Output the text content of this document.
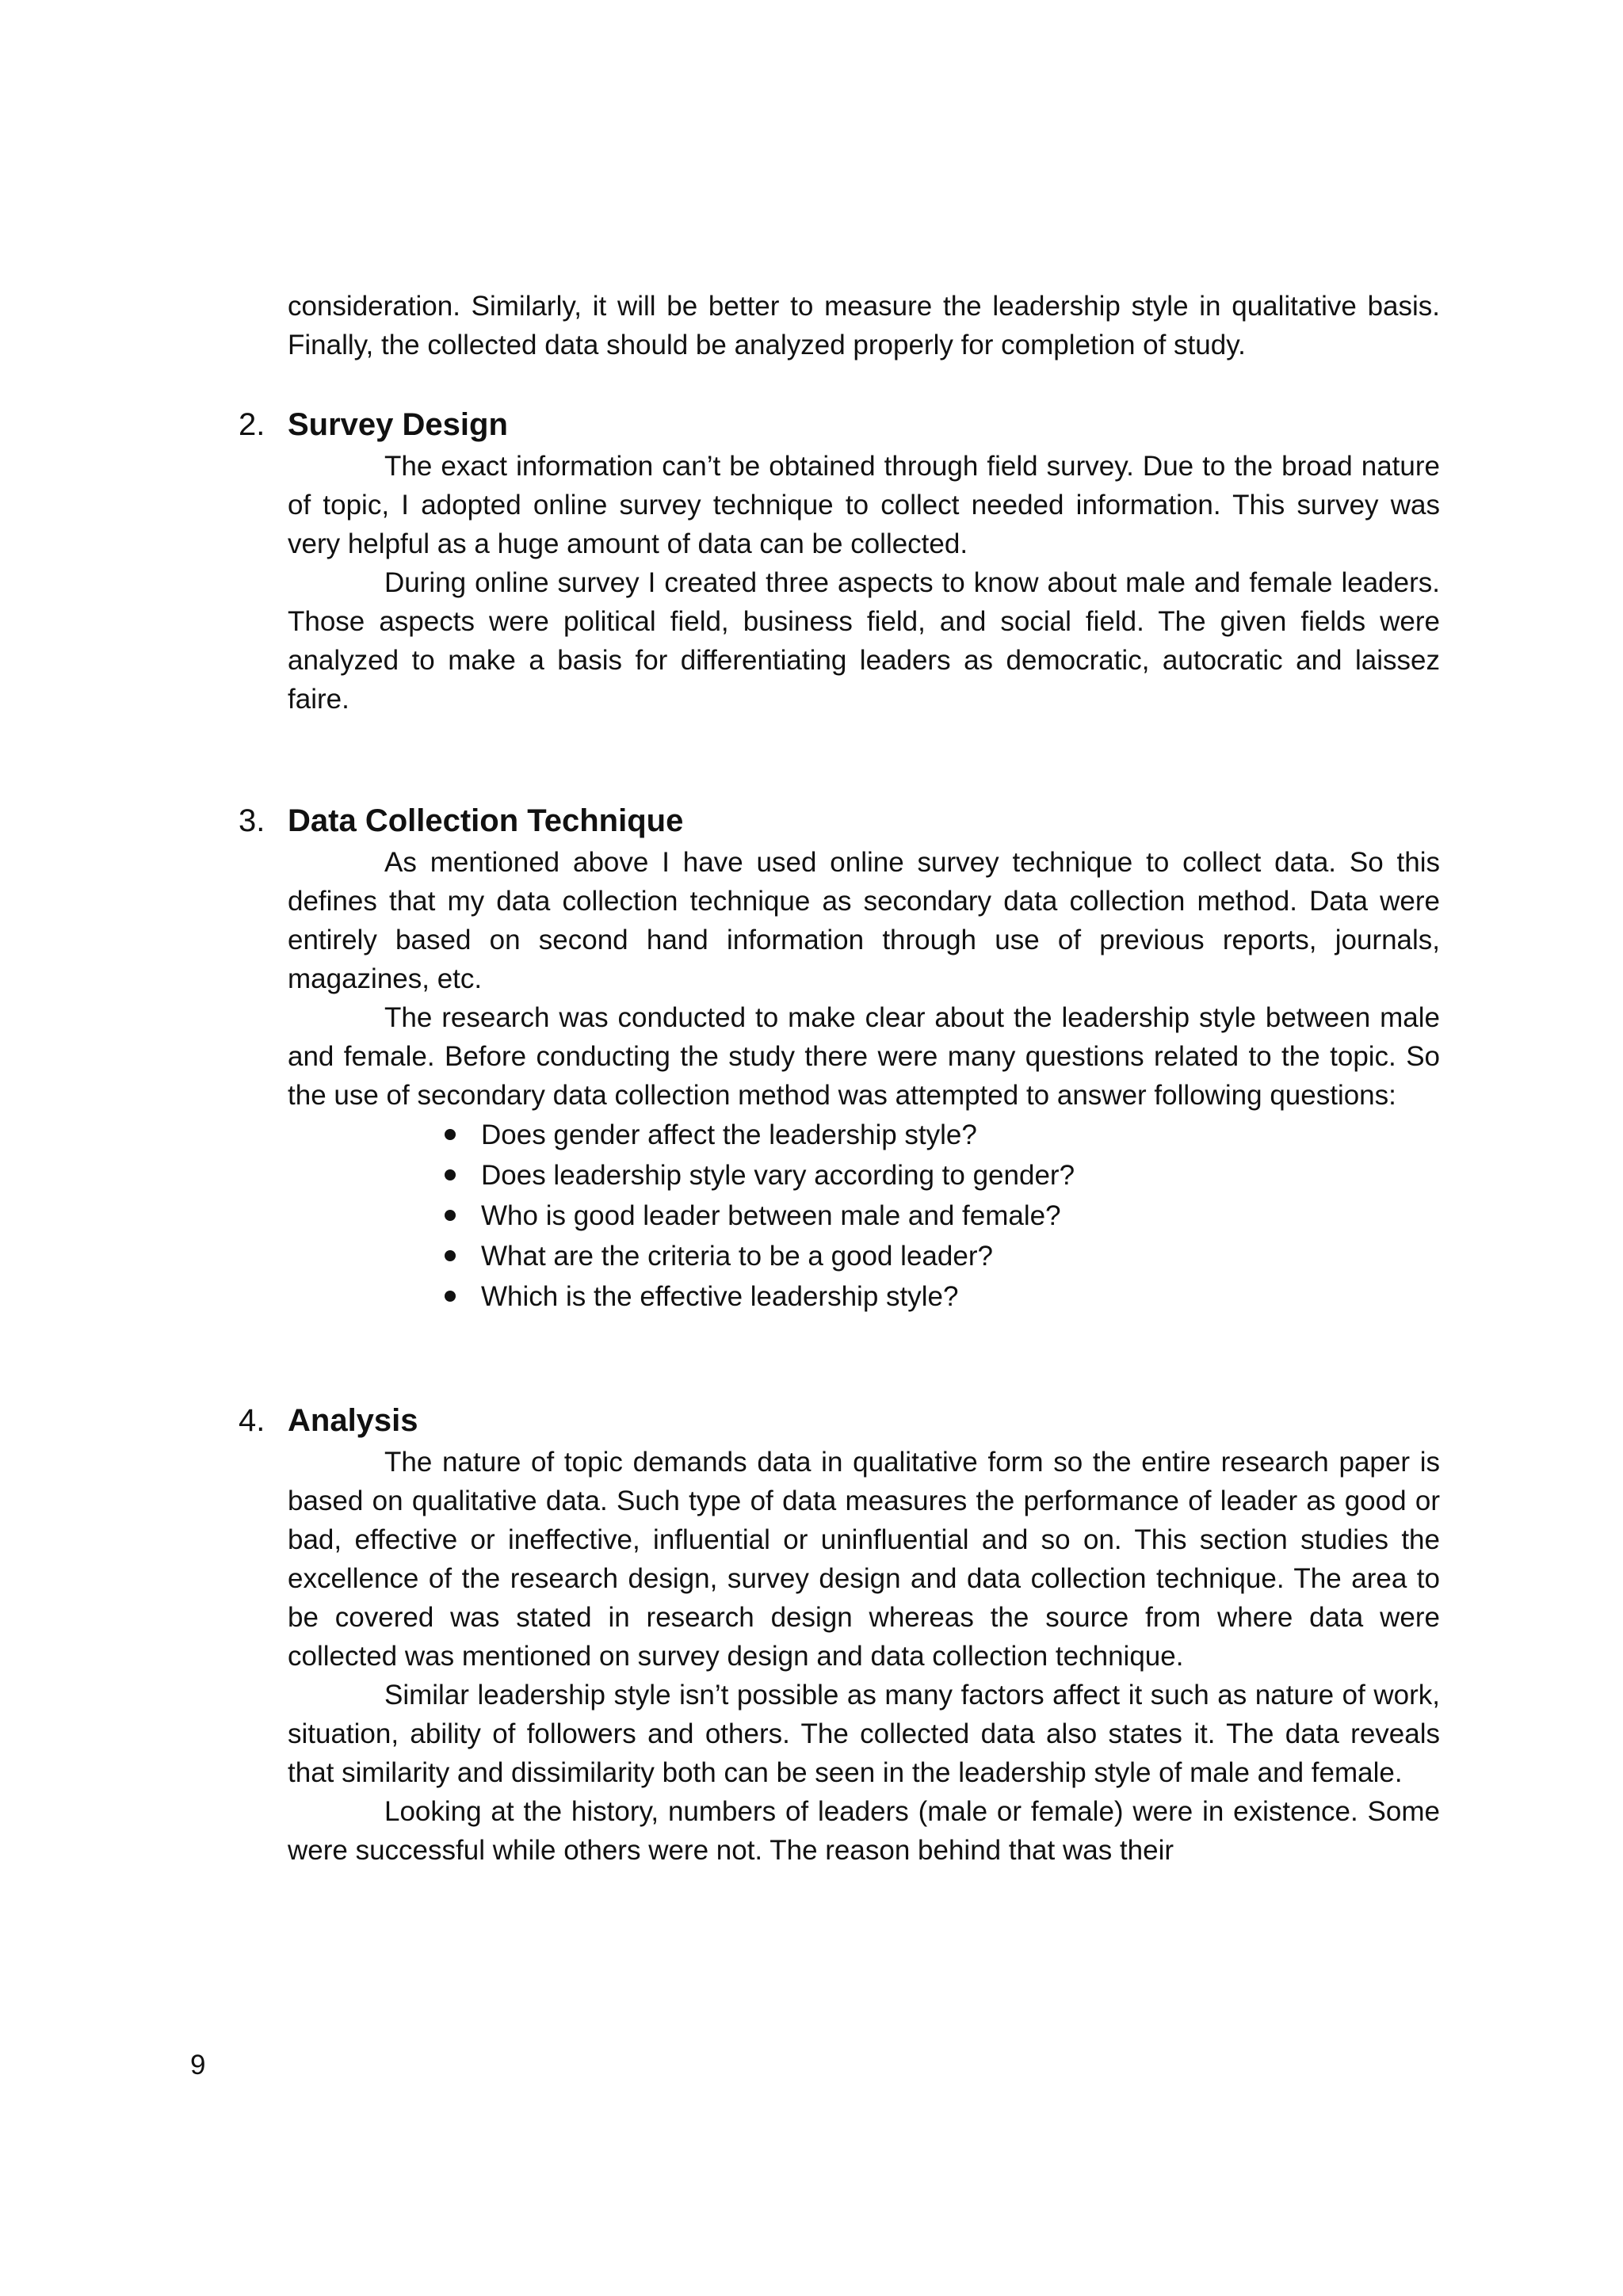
consideration. Similarly, it will be better to measure the leadership style in qualitative basis. Finally, the collected data should be analyzed properly for completion of study.

2. Survey Design

The exact information can’t be obtained through field survey. Due to the broad nature of topic, I adopted online survey technique to collect needed information. This survey was very helpful as a huge amount of data can be collected.

During online survey I created three aspects to know about male and female leaders. Those aspects were political field, business field, and social field. The given fields were analyzed to make a basis for differentiating leaders as democratic, autocratic and laissez faire.

3. Data Collection Technique

As mentioned above I have used online survey technique to collect data. So this defines that my data collection technique as secondary data collection method. Data were entirely based on second hand information through use of previous reports, journals, magazines, etc.

The research was conducted to make clear about the leadership style between male and female. Before conducting the study there were many questions related to the topic. So the use of secondary data collection method was attempted to answer following questions:

Does gender affect the leadership style?
Does leadership style vary according to gender?
Who is good leader between male and female?
What are the criteria to be a good leader?
Which is the effective leadership style?
4. Analysis

The nature of topic demands data in qualitative form so the entire research paper is based on qualitative data. Such type of data measures the performance of leader as good or bad, effective or ineffective, influential or uninfluential and so on. This section studies the excellence of the research design, survey design and data collection technique. The area to be covered was stated in research design whereas the source from where data were collected was mentioned on survey design and data collection technique.

Similar leadership style isn’t possible as many factors affect it such as nature of work, situation, ability of followers and others. The collected data also states it. The data reveals that similarity and dissimilarity both can be seen in the leadership style of male and female.

Looking at the history, numbers of leaders (male or female) were in existence. Some were successful while others were not. The reason behind that was their

9
